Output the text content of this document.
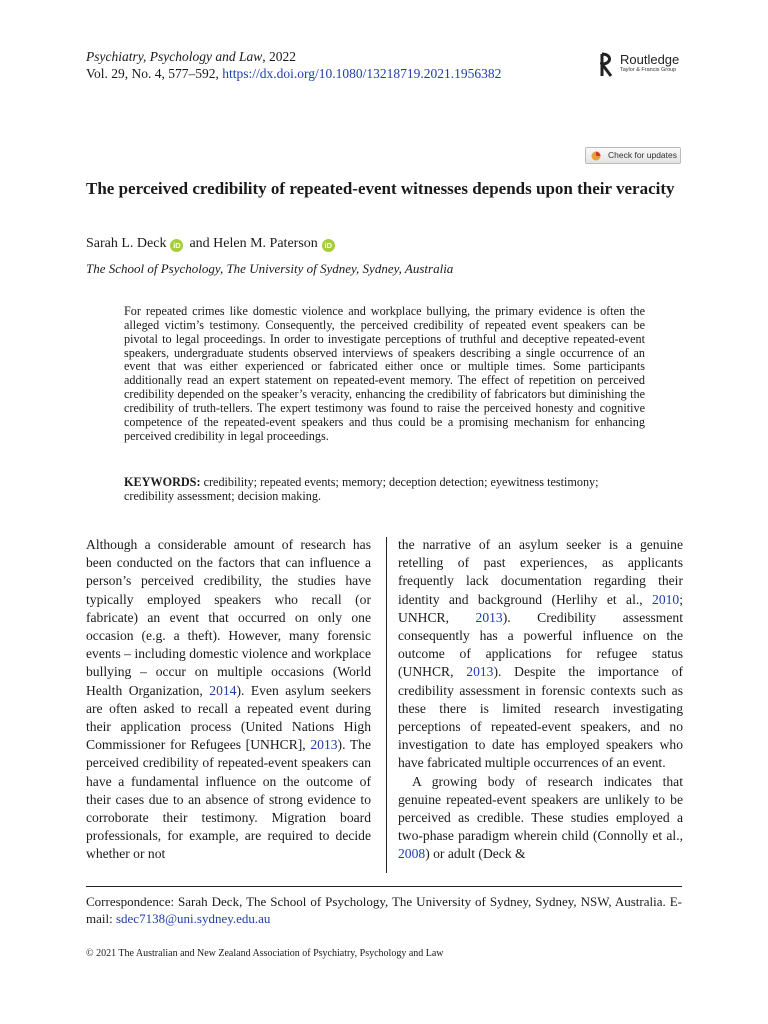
Psychiatry, Psychology and Law, 2022
Vol. 29, No. 4, 577–592, https://dx.doi.org/10.1080/13218719.2021.1956382
Routledge
Taylor & Francis Group
Check for updates
The perceived credibility of repeated-event witnesses depends upon their veracity
Sarah L. Deck iD and Helen M. Paterson iD
The School of Psychology, The University of Sydney, Sydney, Australia
For repeated crimes like domestic violence and workplace bullying, the primary evidence is often the alleged victim’s testimony. Consequently, the perceived credibility of repeated event speakers can be pivotal to legal proceedings. In order to investigate perceptions of truthful and deceptive repeated-event speakers, undergraduate students observed interviews of speakers describing a single occurrence of an event that was either experienced or fabricated either once or multiple times. Some participants additionally read an expert statement on repeated-event memory. The effect of repetition on perceived credibility depended on the speaker’s veracity, enhancing the credibility of fabricators but diminishing the credibility of truth-tellers. The expert testimony was found to raise the perceived honesty and cognitive competence of the repeated-event speakers and thus could be a promising mechanism for enhancing perceived credibility in legal proceedings.
KEYWORDS: credibility; repeated events; memory; deception detection; eyewitness testimony; credibility assessment; decision making.

Although a considerable amount of research has been conducted on the factors that can influence a person’s perceived credibility, the studies have typically employed speakers who recall (or fabricate) an event that occurred on only one occasion (e.g. a theft). However, many forensic events – including domestic violence and workplace bullying – occur on multiple occasions (World Health Organization, 2014). Even asylum seekers are often asked to recall a repeated event during their application process (United Nations High Commissioner for Refugees [UNHCR], 2013). The perceived credibility of repeated-event speakers can have a fundamental influence on the outcome of their cases due to an absence of strong evidence to corroborate their testimony. Migration board professionals, for example, are required to decide whether or not

the narrative of an asylum seeker is a genuine retelling of past experiences, as applicants frequently lack documentation regarding their identity and background (Herlihy et al., 2010; UNHCR, 2013). Credibility assessment consequently has a powerful influence on the outcome of applications for refugee status (UNHCR, 2013). Despite the importance of credibility assessment in forensic contexts such as these there is limited research investigating perceptions of repeated-event speakers, and no investigation to date has employed speakers who have fabricated multiple occurrences of an event.

A growing body of research indicates that genuine repeated-event speakers are unlikely to be perceived as credible. These studies employed a two-phase paradigm wherein child (Connolly et al., 2008) or adult (Deck &

Correspondence: Sarah Deck, The School of Psychology, The University of Sydney, Sydney, NSW, Australia. E-mail: sdec7138@uni.sydney.edu.au
© 2021 The Australian and New Zealand Association of Psychiatry, Psychology and Law
